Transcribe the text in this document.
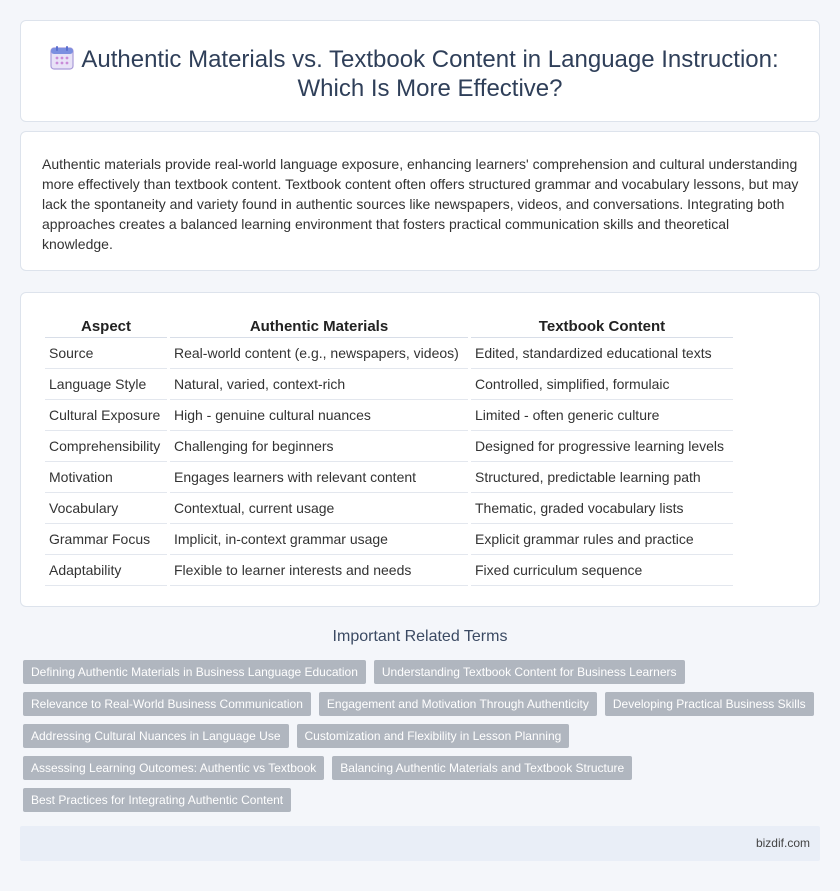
Authentic Materials vs. Textbook Content in Language Instruction: Which Is More Effective?

Authentic materials provide real-world language exposure, enhancing learners' comprehension and cultural understanding more effectively than textbook content. Textbook content often offers structured grammar and vocabulary lessons, but may lack the spontaneity and variety found in authentic sources like newspapers, videos, and conversations. Integrating both approaches creates a balanced learning environment that fosters practical communication skills and theoretical knowledge.

Aspect	Authentic Materials	Textbook Content
Source	Real-world content (e.g., newspapers, videos)	Edited, standardized educational texts
Language Style	Natural, varied, context-rich	Controlled, simplified, formulaic
Cultural Exposure	High - genuine cultural nuances	Limited - often generic culture
Comprehensibility	Challenging for beginners	Designed for progressive learning levels
Motivation	Engages learners with relevant content	Structured, predictable learning path
Vocabulary	Contextual, current usage	Thematic, graded vocabulary lists
Grammar Focus	Implicit, in-context grammar usage	Explicit grammar rules and practice
Adaptability	Flexible to learner interests and needs	Fixed curriculum sequence
Important Related Terms
Defining Authentic Materials in Business Language Education	Understanding Textbook Content for Business Learners
Relevance to Real-World Business Communication	Engagement and Motivation Through Authenticity	Developing Practical Business Skills
Addressing Cultural Nuances in Language Use	Customization and Flexibility in Lesson Planning
Assessing Learning Outcomes: Authentic vs Textbook	Balancing Authentic Materials and Textbook Structure
Best Practices for Integrating Authentic Content
bizdif.com
